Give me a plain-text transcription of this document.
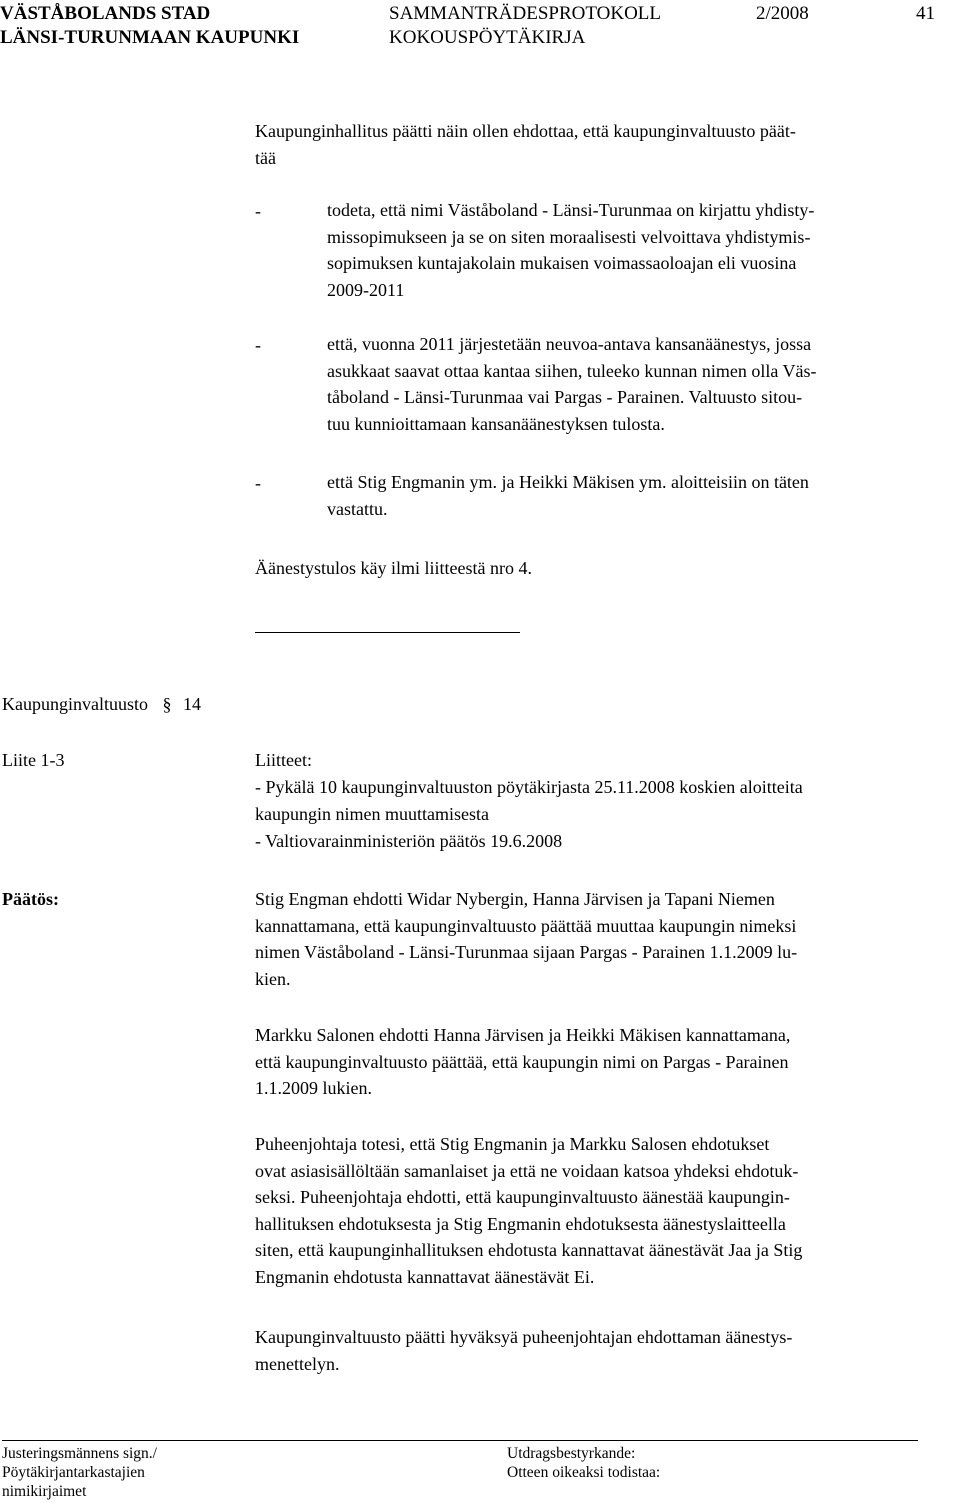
VÄSTÅBOLANDS STAD
LÄNSI-TURUNMAAN KAUPUNKI
SAMMANTRÄDESPROTOKOLL
KOKOUSPÖYTÄKIRJA
2/2008	41
Kaupunginhallitus päätti näin ollen ehdottaa, että kaupunginvaltuusto päät-
tää
-	todeta, että nimi Väståboland - Länsi-Turunmaa on kirjattu yhdisty-
missopimukseen ja se on siten moraalisesti velvoittava yhdistymis-
sopimuksen kuntajakolain mukaisen voimassaoloajan eli vuosina
2009-2011
-	että, vuonna 2011 järjestetään neuvoa-antava kansanäänestys, jossa
asukkaat saavat ottaa kantaa siihen, tuleeko kunnan nimen olla Väs-
tåboland - Länsi-Turunmaa vai Pargas - Parainen. Valtuusto sitou-
tuu kunnioittamaan kansanäänestyksen tulosta.
-	että Stig Engmanin ym. ja Heikki Mäkisen ym. aloitteisiin on täten
vastattu.
Äänestystulos käy ilmi liitteestä nro 4.
Kaupunginvaltuusto § 14
Liite 1-3	Liitteet:
- Pykälä 10 kaupunginvaltuuston pöytäkirjasta 25.11.2008 koskien aloitteita
kaupungin nimen muuttamisesta
- Valtiovarainministeriön päätös 19.6.2008
Päätös:	Stig Engman ehdotti Widar Nybergin, Hanna Järvisen ja Tapani Niemen
kannattamana, että kaupunginvaltuusto päättää muuttaa kaupungin nimeksi
nimen Väståboland - Länsi-Turunmaa sijaan Pargas - Parainen 1.1.2009 lu-
kien.
Markku Salonen ehdotti Hanna Järvisen ja Heikki Mäkisen kannattamana,
että kaupunginvaltuusto päättää, että kaupungin nimi on Pargas - Parainen
1.1.2009 lukien.
Puheenjohtaja totesi, että Stig Engmanin ja Markku Salosen ehdotukset
ovat asiasisällöltään samanlaiset ja että ne voidaan katsoa yhdeksi ehdotuk-
seksi. Puheenjohtaja ehdotti, että kaupunginvaltuusto äänestää kaupungin-
hallituksen ehdotuksesta ja Stig Engmanin ehdotuksesta äänestyslaitteella
siten, että kaupunginhallituksen ehdotusta kannattavat äänestävät Jaa ja Stig
Engmanin ehdotusta kannattavat äänestävät Ei.
Kaupunginvaltuusto päätti hyväksyä puheenjohtajan ehdottaman äänestys-
menettelyn.
Justeringsmännens sign./
Pöytäkirjantarkastajien
nimikirjaimet
Utdragsbestyrkande:
Otteen oikeaksi todistaa:
